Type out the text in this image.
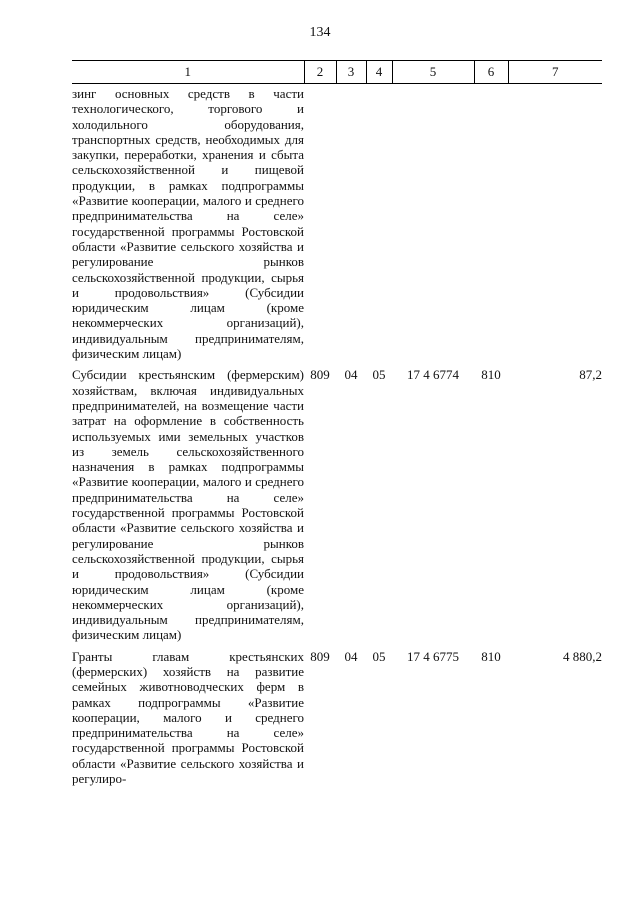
134
1	2	3	4	5	6	7
зинг основных средств в части технологического, торгового и холодильного оборудования, транспортных средств, необходимых для закупки, переработки, хранения и сбыта сельскохозяйственной и пищевой продукции, в рамках подпрограммы «Развитие кооперации, малого и среднего предпринимательства на селе» государственной программы Ростовской области «Развитие сельского хозяйства и регулирование рынков сельскохозяйственной продукции, сырья и продовольствия» (Субсидии юридическим лицам (кроме некоммерческих организаций), индивидуальным предпринимателям, физическим лицам)						

Субсидии крестьянским (фермерским) хозяйствам, включая индивидуальных предпринимателей, на возмещение части затрат на оформление в собственность используемых ими земельных участков из земель сельскохозяйственного назначения в рамках подпрограммы «Развитие кооперации, малого и среднего предпринимательства на селе» государственной программы Ростовской области «Развитие сельского хозяйства и регулирование рынков сельскохозяйственной продукции, сырья и продовольствия» (Субсидии юридическим лицам (кроме некоммерческих организаций), индивидуальным предпринимателям, физическим лицам)	809	04	05	17 4 6774	810	87,2

Гранты главам крестьянских (фермерских) хозяйств на развитие семейных животноводческих ферм в рамках подпрограммы «Развитие кооперации, малого и среднего предпринимательства на селе» государственной программы Ростовской области «Развитие сельского хозяйства и регулиро-	809	04	05	17 4 6775	810	4 880,2
